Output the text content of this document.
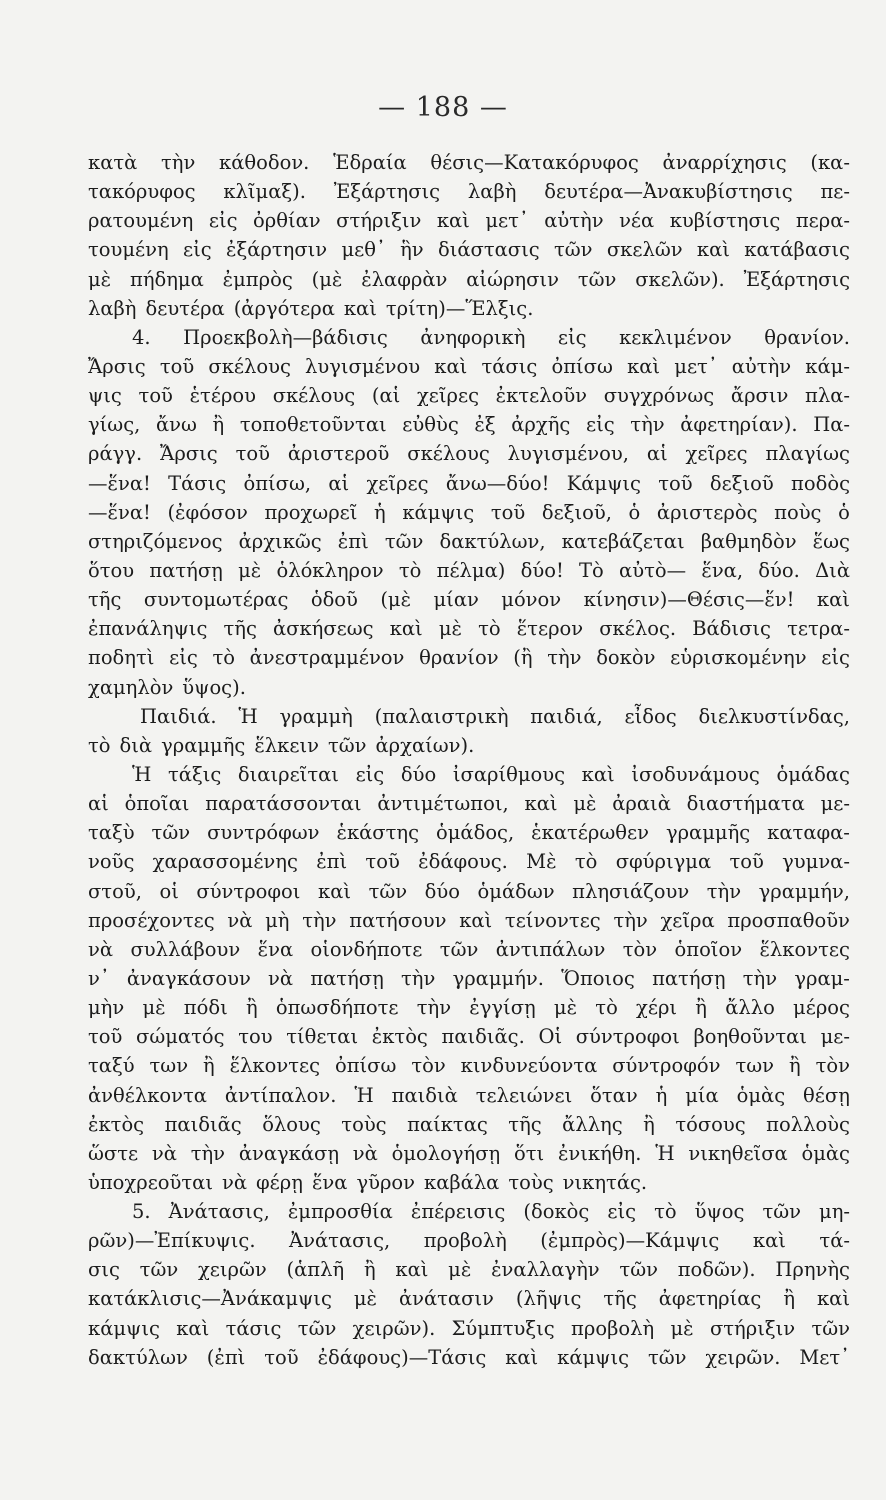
— 188 —
κατὰ τὴν κάθοδον. Ἑδραία θέσις—Κατακόρυφος ἀναρρίχησις (κα-
τακόρυφος κλῖμαξ). Ἐξάρτησις λαβὴ δευτέρα—Ἀνακυβίστησις πε-
ρατουμένη εἰς ὀρθίαν στήριξιν καὶ μετ᾽ αὐτὴν νέα κυβίστησις περα-
τουμένη εἰς ἐξάρτησιν μεθ᾽ ἣν διάστασις τῶν σκελῶν καὶ κατάβασις
μὲ πήδημα ἐμπρὸς (μὲ ἐλαφρὰν αἰώρησιν τῶν σκελῶν). Ἐξάρτησις
λαβὴ δευτέρα (ἀργότερα καὶ τρίτη)—Ἕλξις.
4. Προεκβολὴ—βάδισις ἀνηφορικὴ εἰς κεκλιμένον θρανίον.
Ἄρσις τοῦ σκέλους λυγισμένου καὶ τάσις ὀπίσω καὶ μετ᾽ αὐτὴν κάμ-
ψις τοῦ ἑτέρου σκέλους (αἱ χεῖρες ἐκτελοῦν συγχρόνως ἄρσιν πλα-
γίως, ἄνω ἢ τοποθετοῦνται εὐθὺς ἐξ ἀρχῆς εἰς τὴν ἀφετηρίαν). Πα-
ράγγ. Ἄρσις τοῦ ἀριστεροῦ σκέλους λυγισμένου, αἱ χεῖρες πλαγίως
—ἕνα! Τάσις ὀπίσω, αἱ χεῖρες ἄνω—δύο! Κάμψις τοῦ δεξιοῦ ποδὸς
—ἕνα! (ἐφόσον προχωρεῖ ἡ κάμψις τοῦ δεξιοῦ, ὁ ἀριστερὸς ποὺς ὁ
στηριζόμενος ἀρχικῶς ἐπὶ τῶν δακτύλων, κατεβάζεται βαθμηδὸν ἕως
ὅτου πατήσῃ μὲ ὁλόκληρον τὸ πέλμα) δύο! Τὸ αὐτὸ— ἕνα, δύο. Διὰ
τῆς συντομωτέρας ὁδοῦ (μὲ μίαν μόνον κίνησιν)—Θέσις—ἕν! καὶ
ἐπανάληψις τῆς ἀσκήσεως καὶ μὲ τὸ ἕτερον σκέλος. Βάδισις τετρα-
ποδητὶ εἰς τὸ ἀνεστραμμένον θρανίον (ἢ τὴν δοκὸν εὑρισκομένην εἰς
χαμηλὸν ὕψος).
Παιδιά. Ἡ γραμμὴ (παλαιστρικὴ παιδιά, εἶδος διελκυστίνδας,
τὸ διὰ γραμμῆς ἕλκειν τῶν ἀρχαίων).
Ἡ τάξις διαιρεῖται εἰς δύο ἰσαρίθμους καὶ ἰσοδυνάμους ὁμάδας
αἱ ὁποῖαι παρατάσσονται ἀντιμέτωποι, καὶ μὲ ἀραιὰ διαστήματα με-
ταξὺ τῶν συντρόφων ἑκάστης ὁμάδος, ἑκατέρωθεν γραμμῆς καταφα-
νοῦς χαρασσομένης ἐπὶ τοῦ ἐδάφους. Μὲ τὸ σφύριγμα τοῦ γυμνα-
στοῦ, οἱ σύντροφοι καὶ τῶν δύο ὁμάδων πλησιάζουν τὴν γραμμήν,
προσέχοντες νὰ μὴ τὴν πατήσουν καὶ τείνοντες τὴν χεῖρα προσπαθοῦν
νὰ συλλάβουν ἕνα οἱονδήποτε τῶν ἀντιπάλων τὸν ὁποῖον ἕλκοντες
ν᾽ ἀναγκάσουν νὰ πατήσῃ τὴν γραμμήν. Ὅποιος πατήσῃ τὴν γραμ-
μὴν μὲ πόδι ἢ ὁπωσδήποτε τὴν ἐγγίσῃ μὲ τὸ χέρι ἢ ἄλλο μέρος
τοῦ σώματός του τίθεται ἐκτὸς παιδιᾶς. Οἱ σύντροφοι βοηθοῦνται με-
ταξύ των ἢ ἕλκοντες ὀπίσω τὸν κινδυνεύοντα σύντροφόν των ἢ τὸν
ἀνθέλκοντα ἀντίπαλον. Ἡ παιδιὰ τελειώνει ὅταν ἡ μία ὁμὰς θέσῃ
ἐκτὸς παιδιᾶς ὅλους τοὺς παίκτας τῆς ἄλλης ἢ τόσους πολλοὺς
ὥστε νὰ τὴν ἀναγκάσῃ νὰ ὁμολογήσῃ ὅτι ἐνικήθη. Ἡ νικηθεῖσα ὁμὰς
ὑποχρεοῦται νὰ φέρῃ ἕνα γῦρον καβάλα τοὺς νικητάς.
5. Ἀνάτασις, ἐμπροσθία ἐπέρεισις (δοκὸς εἰς τὸ ὕψος τῶν μη-
ρῶν)—Ἐπίκυψις. Ἀνάτασις, προβολὴ (ἐμπρὸς)—Κάμψις καὶ τά-
σις τῶν χειρῶν (ἁπλῆ ἢ καὶ μὲ ἐναλλαγὴν τῶν ποδῶν). Πρηνὴς
κατάκλισις—Ἀνάκαμψις μὲ ἀνάτασιν (λῆψις τῆς ἀφετηρίας ἢ καὶ
κάμψις καὶ τάσις τῶν χειρῶν). Σύμπτυξις προβολὴ μὲ στήριξιν τῶν
δακτύλων (ἐπὶ τοῦ ἐδάφους)—Τάσις καὶ κάμψις τῶν χειρῶν. Μετ᾽
